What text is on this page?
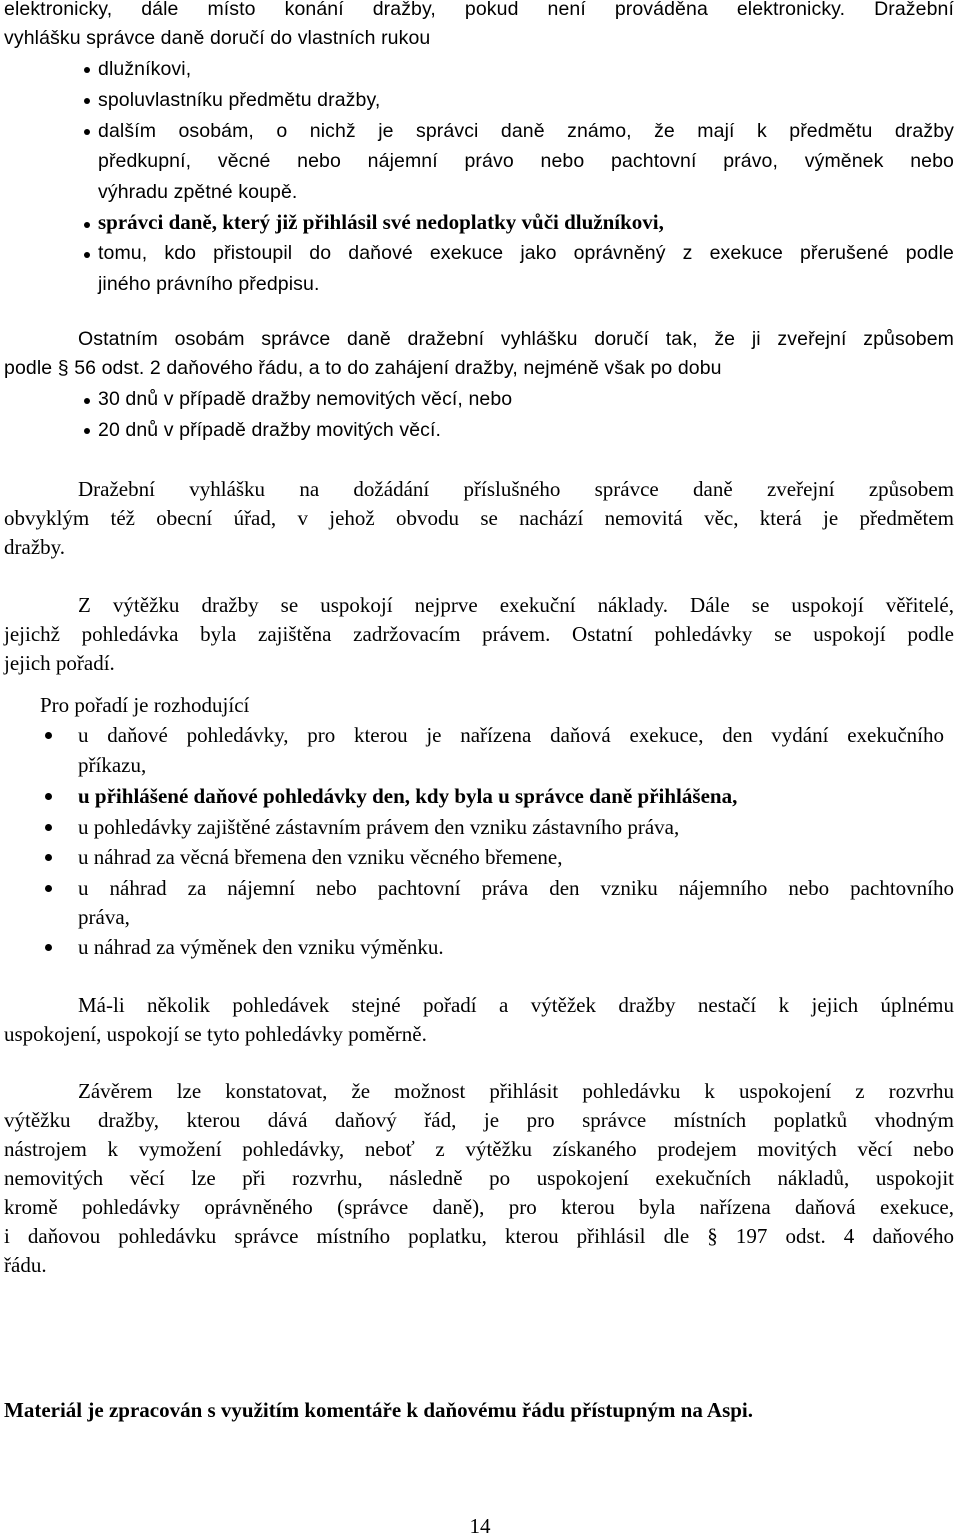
elektronicky, dále místo konání dražby, pokud není prováděna elektronicky. Dražební
vyhlášku správce daně doručí do vlastních rukou
dlužníkovi,
spoluvlastníku předmětu dražby,
dalším osobám, o nichž je správci daně známo, že mají k předmětu dražby
předkupní, věcné nebo nájemní právo nebo pachtovní právo, výměnek nebo
výhradu zpětné koupě.
správci daně, který již přihlásil své nedoplatky vůči dlužníkovi,
tomu, kdo přistoupil do daňové exekuce jako oprávněný z exekuce přerušené podle
jiného právního předpisu.
Ostatním osobám správce daně dražební vyhlášku doručí tak, že ji zveřejní způsobem
podle § 56 odst. 2 daňového řádu, a to do zahájení dražby, nejméně však po dobu
30 dnů v případě dražby nemovitých věcí, nebo
20 dnů v případě dražby movitých věcí.
Dražební vyhlášku na dožádání příslušného správce daně zveřejní způsobem
obvyklým též obecní úřad, v jehož obvodu se nachází nemovitá věc, která je předmětem
dražby.
Z výtěžku dražby se uspokojí nejprve exekuční náklady. Dále se uspokojí věřitelé,
jejichž pohledávka byla zajištěna zadržovacím právem. Ostatní pohledávky se uspokojí podle
jejich pořadí.
Pro pořadí je rozhodující
u daňové pohledávky, pro kterou je nařízena daňová exekuce, den vydání exekučního
příkazu,
u přihlášené daňové pohledávky den, kdy byla u správce daně přihlášena,
u pohledávky zajištěné zástavním právem den vzniku zástavního práva,
u náhrad za věcná břemena den vzniku věcného břemene,
u náhrad za nájemní nebo pachtovní práva den vzniku nájemního nebo pachtovního
práva,
u náhrad za výměnek den vzniku výměnku.
Má-li několik pohledávek stejné pořadí a výtěžek dražby nestačí k jejich úplnému
uspokojení, uspokojí se tyto pohledávky poměrně.
Závěrem lze konstatovat, že možnost přihlásit pohledávku k uspokojení z rozvrhu
výtěžku dražby, kterou dává daňový řád, je pro správce místních poplatků vhodným
nástrojem k vymožení pohledávky, neboť z výtěžku získaného prodejem movitých věcí nebo
nemovitých věcí lze při rozvrhu, následně po uspokojení exekučních nákladů, uspokojit
kromě pohledávky oprávněného (správce daně), pro kterou byla nařízena daňová exekuce,
i daňovou pohledávku správce místního poplatku, kterou přihlásil dle § 197 odst. 4 daňového
řádu.
Materiál je zpracován s využitím komentáře k daňovému řádu přístupným na Aspi.
14
